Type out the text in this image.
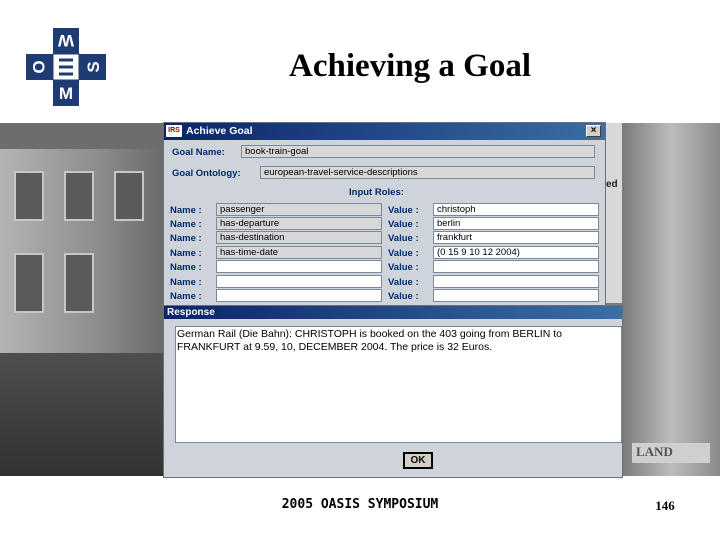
W
O S
M
Achieving a Goal
LAND
ed
IRS Achieve Goal	×
Goal Name:	book-train-goal
Goal Ontology:	european-travel-service-descriptions
Input Roles:
Name :	passenger	Value :	christoph
Name :	has-departure	Value :	berlin
Name :	has-destination	Value :	frankfurt
Name :	has-time-date	Value :	(0 15 9 10 12 2004)
Name :	Value :
Name :	Value :
Name :	Value :
Response
German Rail (Die Bahn): CHRISTOPH is booked on the 403 going from BERLIN to
FRANKFURT at 9.59, 10, DECEMBER 2004. The price is 32 Euros.
OK
2005 OASIS SYMPOSIUM	146
